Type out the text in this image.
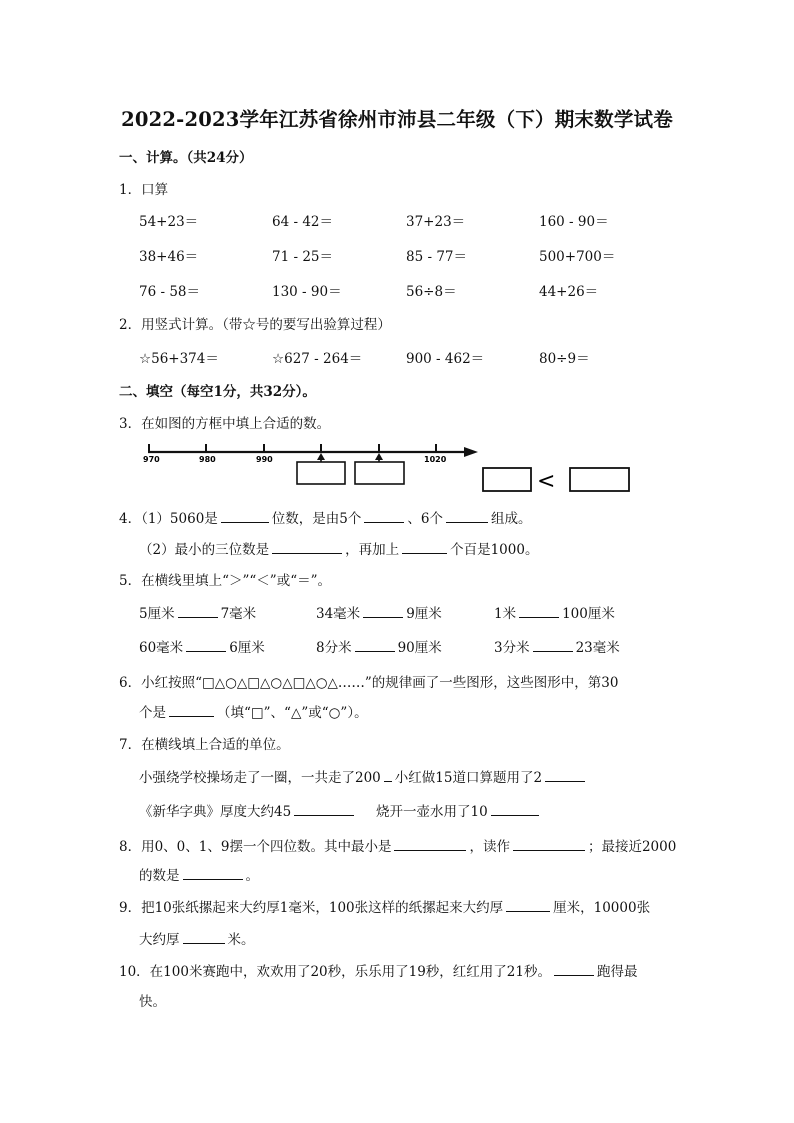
2022-2023学年江苏省徐州市沛县二年级（下）期末数学试卷
一、计算。（共24分）
1．口算
54+23＝	64 - 42＝	37+23＝	160 - 90＝
38+46＝	71 - 25＝	85 - 77＝	500+700＝
76 - 58＝	130 - 90＝	56÷8＝	44+26＝
2．用竖式计算。（带☆号的要写出验算过程）
☆56+374＝	☆627 - 264＝	900 - 462＝	80÷9＝
二、填空（每空1分，共32分）。
3．在如图的方框中填上合适的数。
970	980	990	1020
<
4．（1）5060是	位数，是由5个	、6个	组成。
（2）最小的三位数是	，再加上	个百是1000。
5．在横线里填上“＞”“＜”或“＝”。
5厘米	7毫米	34毫米	9厘米	1米	100厘米
60毫米	6厘米	8分米	90厘米	3分米	23毫米
6．小红按照“□△○△□△○△□△○△……”的规律画了一些图形，这些图形中，第30
个是	（填“□”、“△”或“○”）。
7．在横线填上合适的单位。
小强绕学校操场走了一圈，一共走了200 小红做15道口算题用了2
《新华字典》厚度大约45	烧开一壶水用了10
8．用0、0、1、9摆一个四位数。其中最小是	，读作	；最接近2000
的数是	。
9．把10张纸摞起来大约厚1毫米，100张这样的纸摞起来大约厚	厘米，10000张
大约厚	米。
10．在100米赛跑中，欢欢用了20秒，乐乐用了19秒，红红用了21秒。	跑得最
快。
